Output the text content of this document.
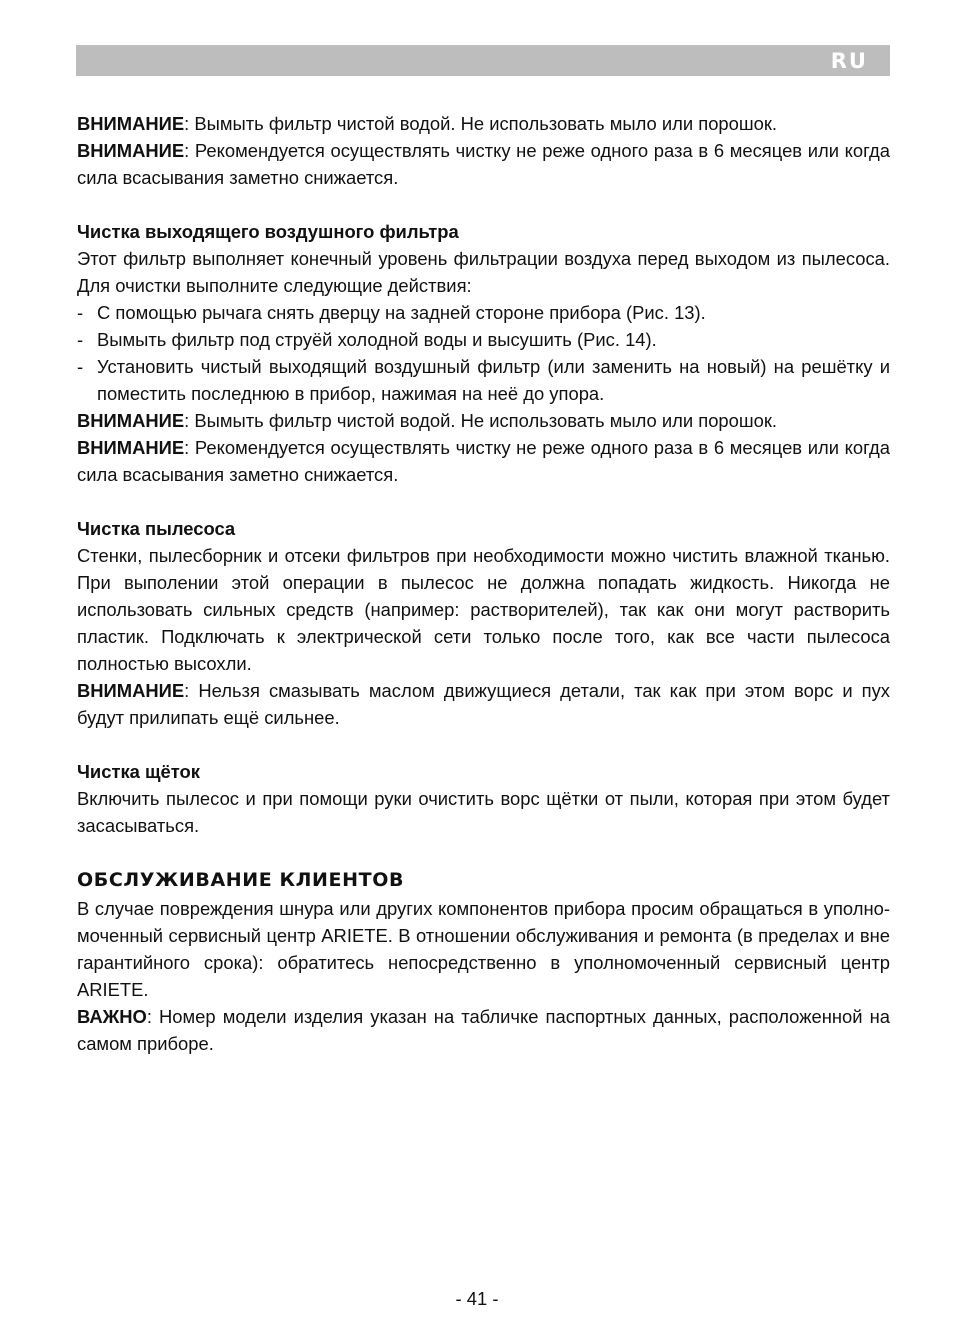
RU

ВНИМАНИЕ: Вымыть фильтр чистой водой. Не использовать мыло или порошок.

ВНИМАНИЕ: Рекомендуется осуществлять чистку не реже одного раза в 6 месяцев или когда сила всасывания заметно снижается.

Чистка выходящего воздушного фильтра

Этот фильтр выполняет конечный уровень фильтрации воздуха перед выходом из пылесоса. Для очистки выполните следующие действия:

- С помощью рычага снять дверцу на задней стороне прибора (Рис. 13).
- Вымыть фильтр под струёй холодной воды и высушить (Рис. 14).
- Установить чистый выходящий воздушный фильтр (или заменить на новый) на решётку и поместить последнюю в прибор, нажимая на неё до упора.

ВНИМАНИЕ: Вымыть фильтр чистой водой. Не использовать мыло или порошок.

ВНИМАНИЕ: Рекомендуется осуществлять чистку не реже одного раза в 6 месяцев или когда сила всасывания заметно снижается.

Чистка пылесоса

Стенки, пылесборник и отсеки фильтров при необходимости можно чистить влажной тканью. При выполении этой операции в пылесос не должна попадать жидкость. Никогда не использовать сильных средств (например: растворителей), так как они могут растворить пластик. Подключать к электрической сети только после того, как все части пылесоса полностью высохли.

ВНИМАНИЕ: Нельзя смазывать маслом движущиеся детали, так как при этом ворс и пух будут прилипать ещё сильнее.

Чистка щёток

Включить пылесос и при помощи руки очистить ворс щётки от пыли, которая при этом будет засасываться.

ОБСЛУЖИВАНИЕ КЛИЕНТОВ

В случае повреждения шнура или других компонентов прибора просим обращаться в уполно-моченный сервисный центр ARIETE. В отношении обслуживания и ремонта (в пределах и вне гарантийного срока): обратитесь непосредственно в уполномоченный сервисный центр ARIETE.

ВАЖНО: Номер модели изделия указан на табличке паспортных данных, расположенной на самом приборе.

- 41 -
